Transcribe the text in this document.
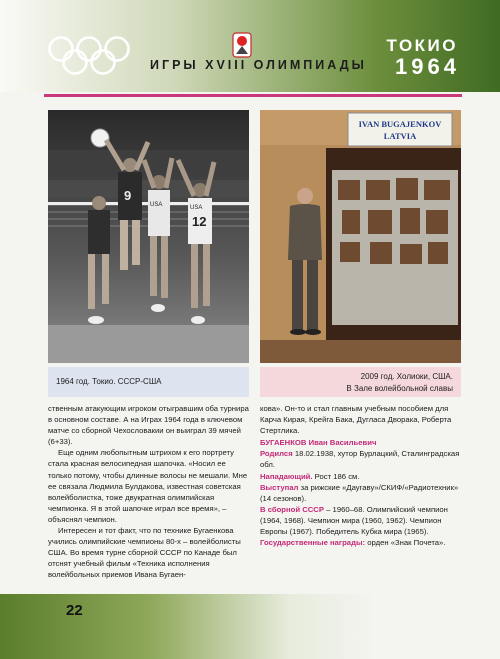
ИГРЫ XVIII ОЛИМПИАДЫ
ТОКИО
1964
9
USA	USA
12
IVAN BUGAJENKOV
LATVIA
1964 год. Токио. СССР-США
2009 год. Холиоки, США.
В Зале волейбольной славы

ственным атакующим игроком отыгравшим оба турнира в основном составе. А на Играх 1964 года в ключевом матче со сборной Чехословакии он выиграл 39 мячей (6+33).

Еще одним любопытным штрихом к его портрету стала красная велосипедная шапочка. «Носил ее только потому, чтобы длинные волосы не мешали. Мне ее связала Людмила Булдакова, известная советская волейболистка, тоже двукратная олимпийская чемпионка. Я в этой шапочке играл все время», – объяснял чемпион.

Интересен и тот факт, что по технике Бугаенкова учились олимпийские чемпионы 80-х – волейболисты США. Во время турне сборной СССР по Канаде был отснят учебный фильм «Техника исполнения волейбольных приемов Ивана Бугаен-

кова». Он-то и стал главным учебным пособием для Карча Кирая, Крейга Бака, Дугласа Дворака, Роберта Стертлика.

БУГАЕНКОВ Иван Васильевич

Родился 18.02.1938, хутор Бурлацкий, Сталинградская обл.

Нападающий. Рост 186 см.

Выступал за рижские «Даугаву»/СКИФ/«Радиотехник» (14 сезонов).

В сборной СССР – 1960–68. Олимпийский чемпион (1964, 1968). Чемпион мира (1960, 1962). Чемпион Европы (1967). Победитель Кубка мира (1965).

Государственные награды: орден «Знак Почета».

22
